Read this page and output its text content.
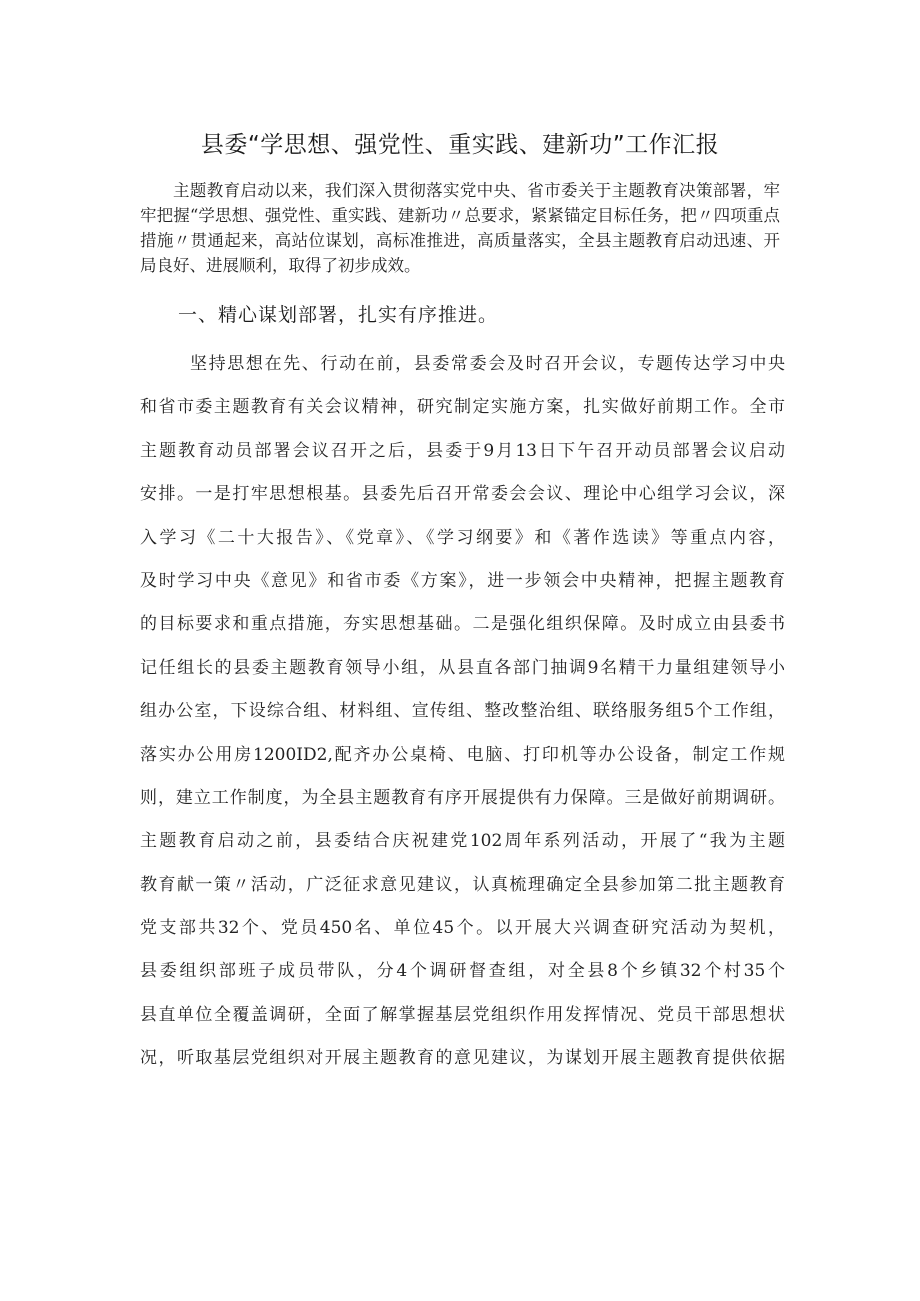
县委“学思想、强党性、重实践、建新功”工作汇报

主题教育启动以来，我们深入贯彻落实党中央、省市委关于主题教育决策部署，牢牢把握“学思想、强党性、重实践、建新功〃总要求，紧紧锚定目标任务，把〃四项重点措施〃贯通起来，高站位谋划，高标准推进，高质量落实，全县主题教育启动迅速、开局良好、进展顺利，取得了初步成效。

一、精心谋划部署，扎实有序推进。
坚持思想在先、行动在前，县委常委会及时召开会议，专题传达学习中央
和省市委主题教育有关会议精神，研究制定实施方案，扎实做好前期工作。全市
主题教育动员部署会议召开之后，县委于9月13日下午召开动员部署会议启动
安排。一是打牢思想根基。县委先后召开常委会会议、理论中心组学习会议，深
入学习《二十大报告》、《党章》、《学习纲要》和《著作选读》等重点内容，
及时学习中央《意见》和省市委《方案》，进一步领会中央精神，把握主题教育
的目标要求和重点措施，夯实思想基础。二是强化组织保障。及时成立由县委书
记任组长的县委主题教育领导小组，从县直各部门抽调9名精干力量组建领导小
组办公室，下设综合组、材料组、宣传组、整改整治组、联络服务组5个工作组，
落实办公用房1200ID2,配齐办公桌椅、电脑、打印机等办公设备，制定工作规
则，建立工作制度，为全县主题教育有序开展提供有力保障。三是做好前期调研。
主题教育启动之前，县委结合庆祝建党102周年系列活动，开展了“我为主题
教育献一策〃活动，广泛征求意见建议，认真梳理确定全县参加第二批主题教育
党支部共32个、党员450名、单位45个。以开展大兴调查研究活动为契机，
县委组织部班子成员带队，分4个调研督查组，对全县8个乡镇32个村35个
县直单位全覆盖调研，全面了解掌握基层党组织作用发挥情况、党员干部思想状
况，听取基层党组织对开展主题教育的意见建议，为谋划开展主题教育提供依据
